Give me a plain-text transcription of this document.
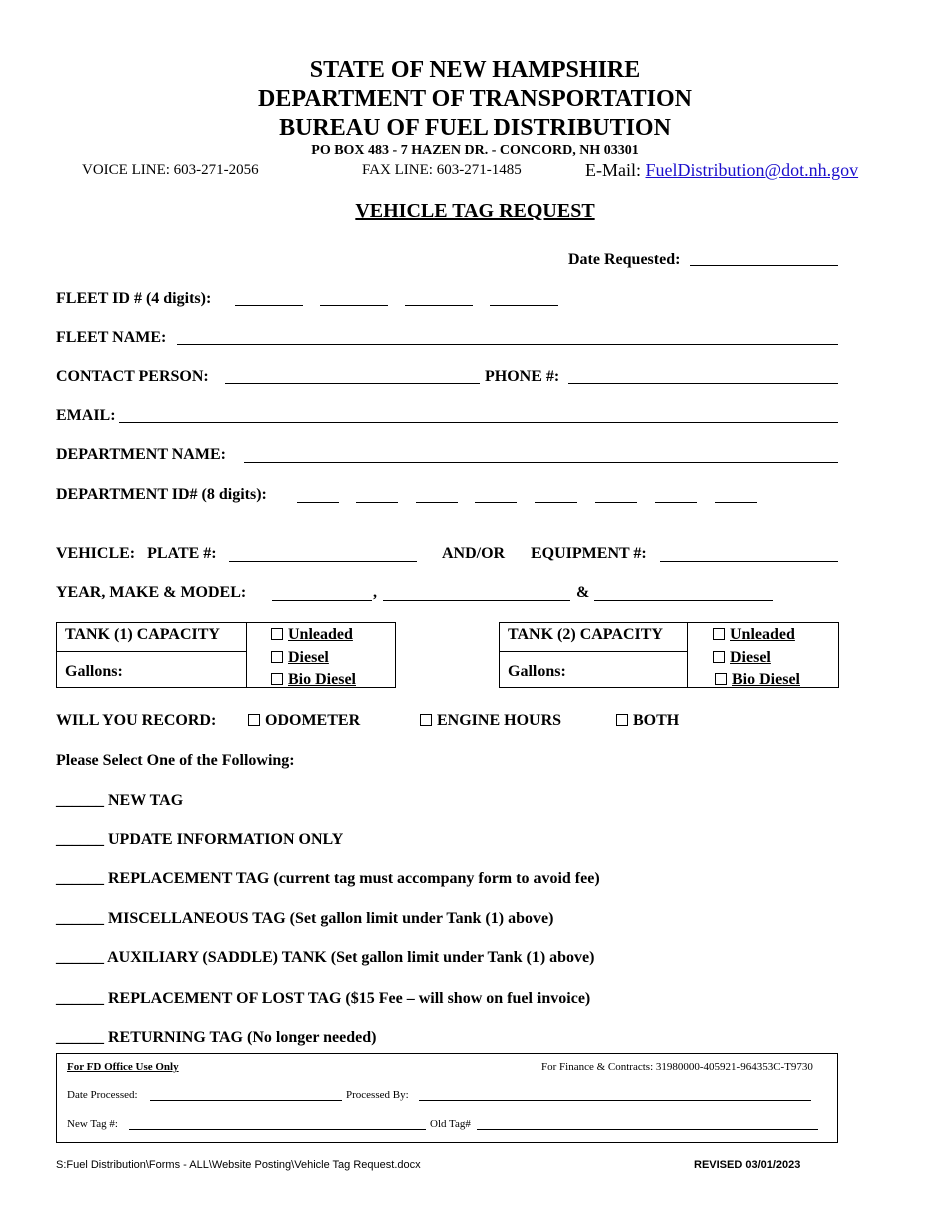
STATE OF NEW HAMPSHIRE
DEPARTMENT OF TRANSPORTATION
BUREAU OF FUEL DISTRIBUTION
PO BOX 483 - 7 HAZEN DR. - CONCORD, NH 03301
VOICE LINE: 603-271-2056	FAX LINE: 603-271-1485	E-Mail: FuelDistribution@dot.nh.gov
VEHICLE TAG REQUEST
Date Requested:
FLEET ID # (4 digits):
FLEET NAME:
CONTACT PERSON:	PHONE #:
EMAIL:
DEPARTMENT NAME:
DEPARTMENT ID# (8 digits):
VEHICLE:   PLATE #:	AND/OR EQUIPMENT #:
YEAR, MAKE & MODEL:	,	&
TANK (1) CAPACITY
Gallons:
Unleaded
Diesel
Bio Diesel
TANK (2) CAPACITY
Gallons:
Unleaded
Diesel
Bio Diesel
WILL YOU RECORD:	ODOMETER	ENGINE HOURS	BOTH
Please Select One of the Following:
______ NEW TAG
______ UPDATE INFORMATION ONLY
______ REPLACEMENT TAG (current tag must accompany form to avoid fee)
______ MISCELLANEOUS TAG (Set gallon limit under Tank (1) above)
______ AUXILIARY (SADDLE) TANK (Set gallon limit under Tank (1) above)
______ REPLACEMENT OF LOST TAG ($15 Fee – will show on fuel invoice)
______ RETURNING TAG (No longer needed)
For FD Office Use Only	For Finance & Contracts: 31980000-405921-964353C-T9730
Date Processed:	Processed By:
New Tag #:	Old Tag#
S:Fuel Distribution\Forms - ALL\Website Posting\Vehicle Tag Request.docx	REVISED 03/01/2023
